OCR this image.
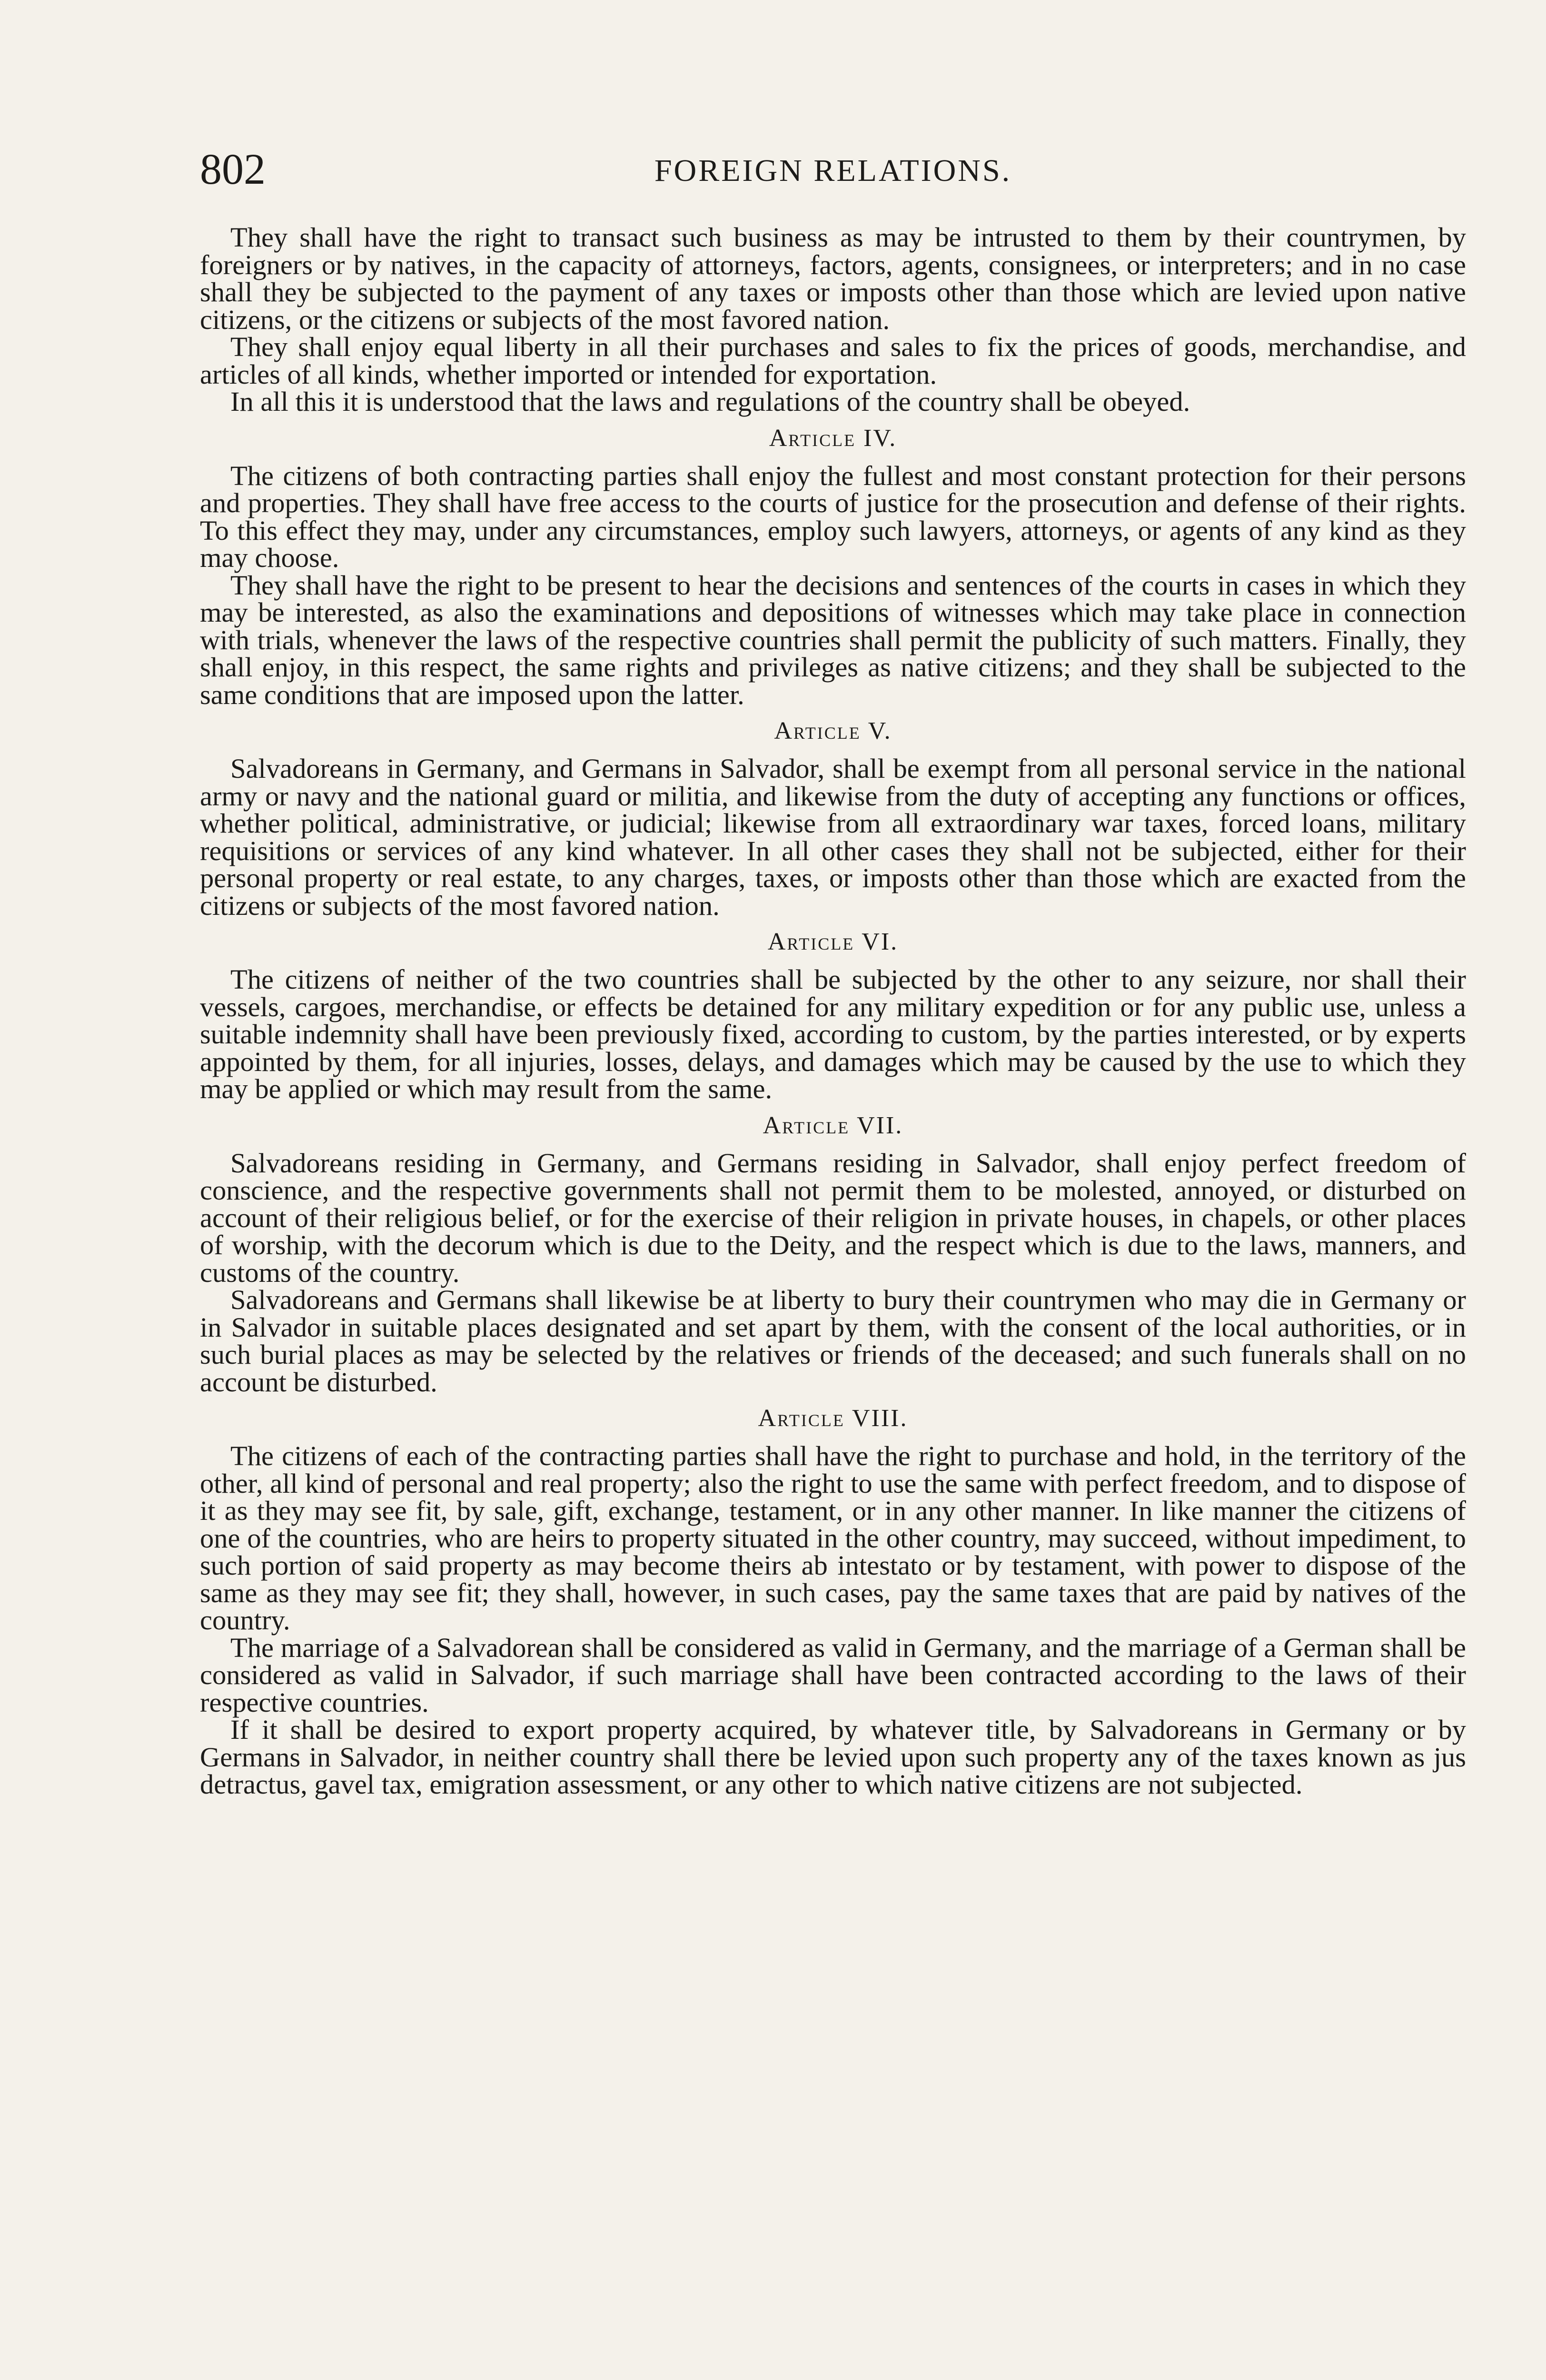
802	FOREIGN RELATIONS.

They shall have the right to transact such business as may be intrusted to them by their countrymen, by foreigners or by natives, in the capacity of attorneys, factors, agents, consignees, or interpreters; and in no case shall they be subjected to the payment of any taxes or imposts other than those which are levied upon native citizens, or the citizens or subjects of the most favored nation.

They shall enjoy equal liberty in all their purchases and sales to fix the prices of goods, merchandise, and articles of all kinds, whether imported or intended for exportation.

In all this it is understood that the laws and regulations of the country shall be obeyed.

Article IV.

The citizens of both contracting parties shall enjoy the fullest and most constant protection for their persons and properties. They shall have free access to the courts of justice for the prosecution and defense of their rights. To this effect they may, under any circumstances, employ such lawyers, attorneys, or agents of any kind as they may choose.

They shall have the right to be present to hear the decisions and sentences of the courts in cases in which they may be interested, as also the examinations and depositions of witnesses which may take place in connection with trials, whenever the laws of the respective countries shall permit the publicity of such matters. Finally, they shall enjoy, in this respect, the same rights and privileges as native citizens; and they shall be subjected to the same conditions that are imposed upon the latter.

Article V.

Salvadoreans in Germany, and Germans in Salvador, shall be exempt from all personal service in the national army or navy and the national guard or militia, and likewise from the duty of accepting any functions or offices, whether political, administrative, or judicial; likewise from all extraordinary war taxes, forced loans, military requisitions or services of any kind whatever. In all other cases they shall not be subjected, either for their personal property or real estate, to any charges, taxes, or imposts other than those which are exacted from the citizens or subjects of the most favored nation.

Article VI.

The citizens of neither of the two countries shall be subjected by the other to any seizure, nor shall their vessels, cargoes, merchandise, or effects be detained for any military expedition or for any public use, unless a suitable indemnity shall have been previously fixed, according to custom, by the parties interested, or by experts appointed by them, for all injuries, losses, delays, and damages which may be caused by the use to which they may be applied or which may result from the same.

Article VII.

Salvadoreans residing in Germany, and Germans residing in Salvador, shall enjoy perfect freedom of conscience, and the respective governments shall not permit them to be molested, annoyed, or disturbed on account of their religious belief, or for the exercise of their religion in private houses, in chapels, or other places of worship, with the decorum which is due to the Deity, and the respect which is due to the laws, manners, and customs of the country.

Salvadoreans and Germans shall likewise be at liberty to bury their countrymen who may die in Germany or in Salvador in suitable places designated and set apart by them, with the consent of the local authorities, or in such burial places as may be selected by the relatives or friends of the deceased; and such funerals shall on no account be disturbed.

Article VIII.

The citizens of each of the contracting parties shall have the right to purchase and hold, in the territory of the other, all kind of personal and real property; also the right to use the same with perfect freedom, and to dispose of it as they may see fit, by sale, gift, exchange, testament, or in any other manner. In like manner the citizens of one of the countries, who are heirs to property situated in the other country, may succeed, without impediment, to such portion of said property as may become theirs ab intestato or by testament, with power to dispose of the same as they may see fit; they shall, however, in such cases, pay the same taxes that are paid by natives of the country.

The marriage of a Salvadorean shall be considered as valid in Germany, and the marriage of a German shall be considered as valid in Salvador, if such marriage shall have been contracted according to the laws of their respective countries.

If it shall be desired to export property acquired, by whatever title, by Salvadoreans in Germany or by Germans in Salvador, in neither country shall there be levied upon such property any of the taxes known as jus detractus, gavel tax, emigration assessment, or any other to which native citizens are not subjected.
